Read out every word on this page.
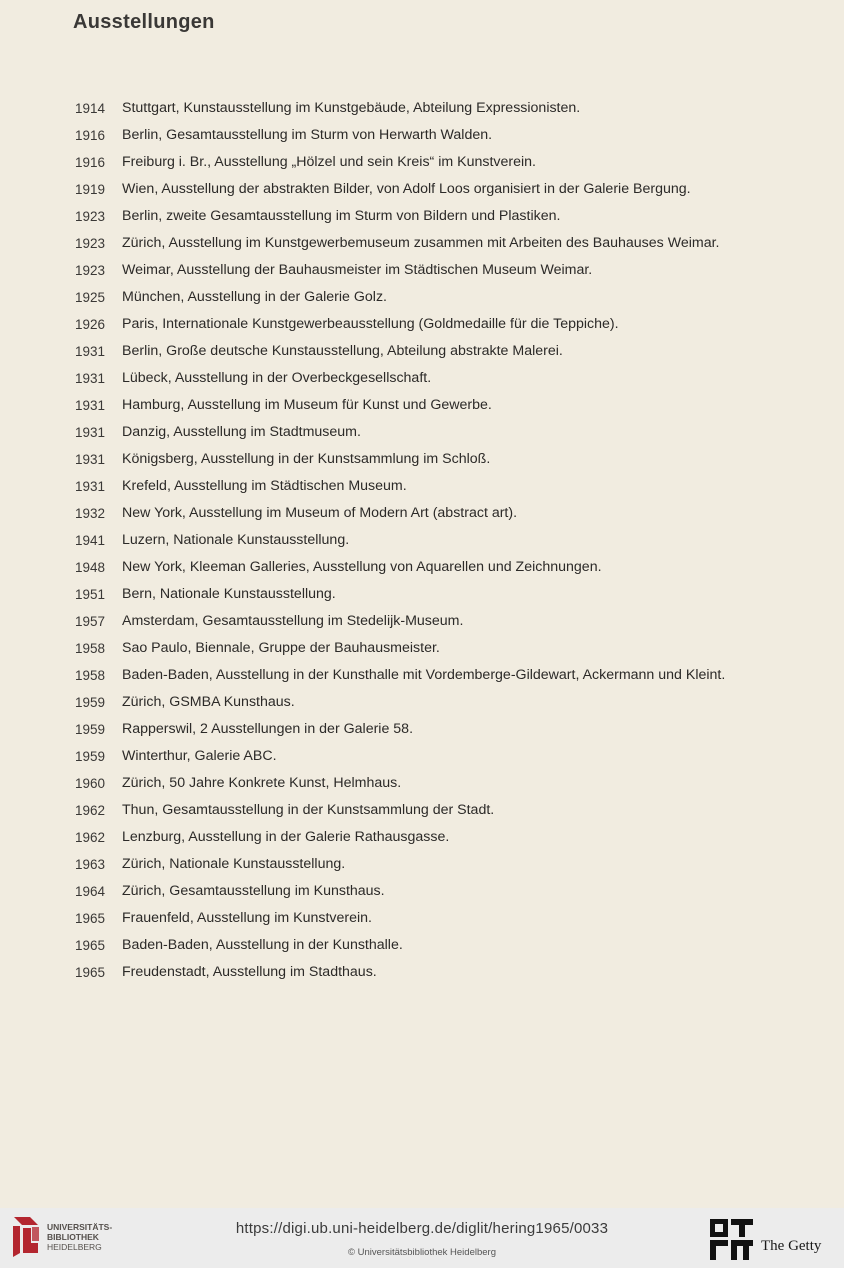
Ausstellungen
1914 Stuttgart, Kunstausstellung im Kunstgebäude, Abteilung Expressionisten.
1916 Berlin, Gesamtausstellung im Sturm von Herwarth Walden.
1916 Freiburg i. Br., Ausstellung „Hölzel und sein Kreis“ im Kunstverein.
1919 Wien, Ausstellung der abstrakten Bilder, von Adolf Loos organisiert in der Galerie Bergung.
1923 Berlin, zweite Gesamtausstellung im Sturm von Bildern und Plastiken.
1923 Zürich, Ausstellung im Kunstgewerbemuseum zusammen mit Arbeiten des Bauhauses Weimar.
1923 Weimar, Ausstellung der Bauhausmeister im Städtischen Museum Weimar.
1925 München, Ausstellung in der Galerie Golz.
1926 Paris, Internationale Kunstgewerbeausstellung (Goldmedaille für die Teppiche).
1931 Berlin, Große deutsche Kunstausstellung, Abteilung abstrakte Malerei.
1931 Lübeck, Ausstellung in der Overbeckgesellschaft.
1931 Hamburg, Ausstellung im Museum für Kunst und Gewerbe.
1931 Danzig, Ausstellung im Stadtmuseum.
1931 Königsberg, Ausstellung in der Kunstsammlung im Schloß.
1931 Krefeld, Ausstellung im Städtischen Museum.
1932 New York, Ausstellung im Museum of Modern Art (abstract art).
1941 Luzern, Nationale Kunstausstellung.
1948 New York, Kleeman Galleries, Ausstellung von Aquarellen und Zeichnungen.
1951 Bern, Nationale Kunstausstellung.
1957 Amsterdam, Gesamtausstellung im Stedelijk-Museum.
1958 Sao Paulo, Biennale, Gruppe der Bauhausmeister.
1958 Baden-Baden, Ausstellung in der Kunsthalle mit Vordemberge-Gildewart, Ackermann und Kleint.
1959 Zürich, GSMBA Kunsthaus.
1959 Rapperswil, 2 Ausstellungen in der Galerie 58.
1959 Winterthur, Galerie ABC.
1960 Zürich, 50 Jahre Konkrete Kunst, Helmhaus.
1962 Thun, Gesamtausstellung in der Kunstsammlung der Stadt.
1962 Lenzburg, Ausstellung in der Galerie Rathausgasse.
1963 Zürich, Nationale Kunstausstellung.
1964 Zürich, Gesamtausstellung im Kunsthaus.
1965 Frauenfeld, Ausstellung im Kunstverein.
1965 Baden-Baden, Ausstellung in der Kunsthalle.
1965 Freudenstadt, Ausstellung im Stadthaus.
UNIVERSITÄTS-
BIBLIOTHEK
HEIDELBERG
https://digi.ub.uni-heidelberg.de/diglit/hering1965/0033
© Universitätsbibliothek Heidelberg	The Getty
